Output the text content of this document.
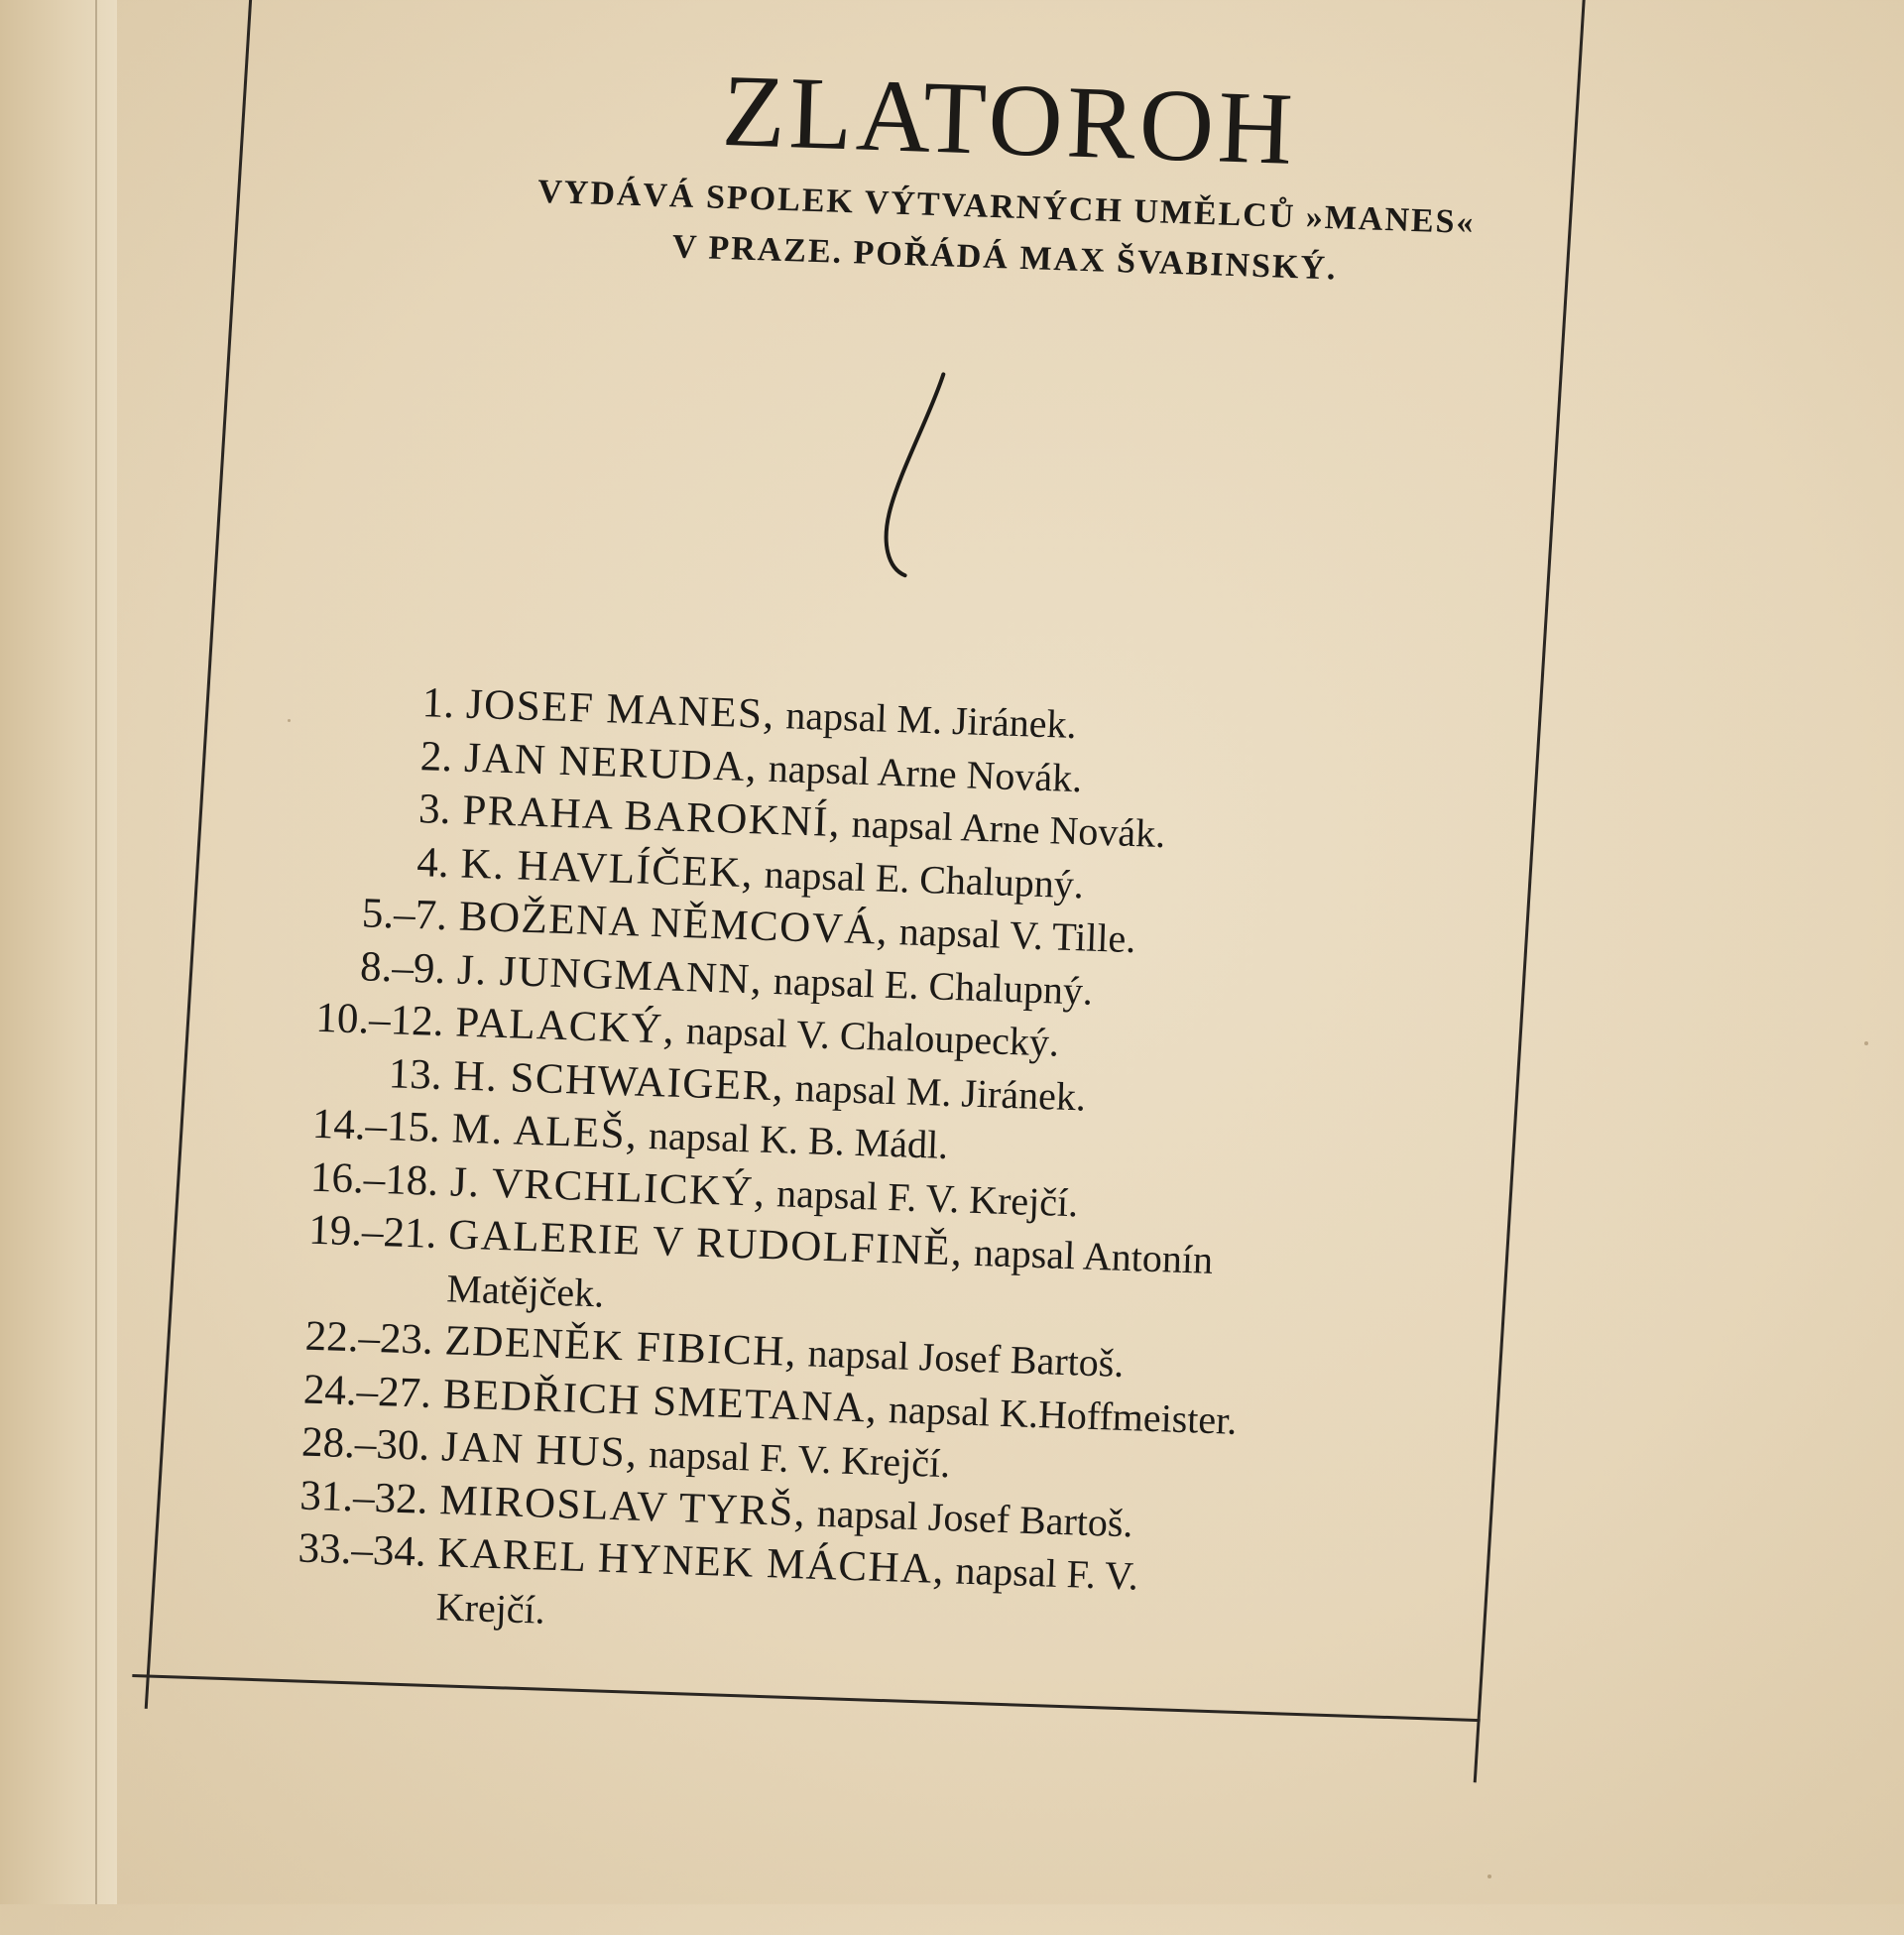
ZLATOROH
VYDÁVÁ SPOLEK VÝTVARNÝCH UMĚLCŮ »MANES«
V PRAZE. POŘÁDÁ MAX ŠVABINSKÝ.
1. JOSEF MANES, napsal M. Jiránek.
2. JAN NERUDA, napsal Arne Novák.
3. PRAHA BAROKNÍ, napsal Arne Novák.
4. K. HAVLÍČEK, napsal E. Chalupný.
5.–7. BOŽENA NĚMCOVÁ, napsal V. Tille.
8.–9. J. JUNGMANN, napsal E. Chalupný.
10.–12. PALACKÝ, napsal V. Chaloupecký.
13. H. SCHWAIGER, napsal M. Jiránek.
14.–15. M. ALEŠ, napsal K. B. Mádl.
16.–18. J. VRCHLICKÝ, napsal F. V. Krejčí.
19.–21. GALERIE V RUDOLFINĚ, napsal Antonín
Matějček.
22.–23. ZDENĚK FIBICH, napsal Josef Bartoš.
24.–27. BEDŘICH SMETANA, napsal K.Hoffmeister.
28.–30. JAN HUS, napsal F. V. Krejčí.
31.–32. MIROSLAV TYRŠ, napsal Josef Bartoš.
33.–34. KAREL HYNEK MÁCHA, napsal F. V.
Krejčí.
